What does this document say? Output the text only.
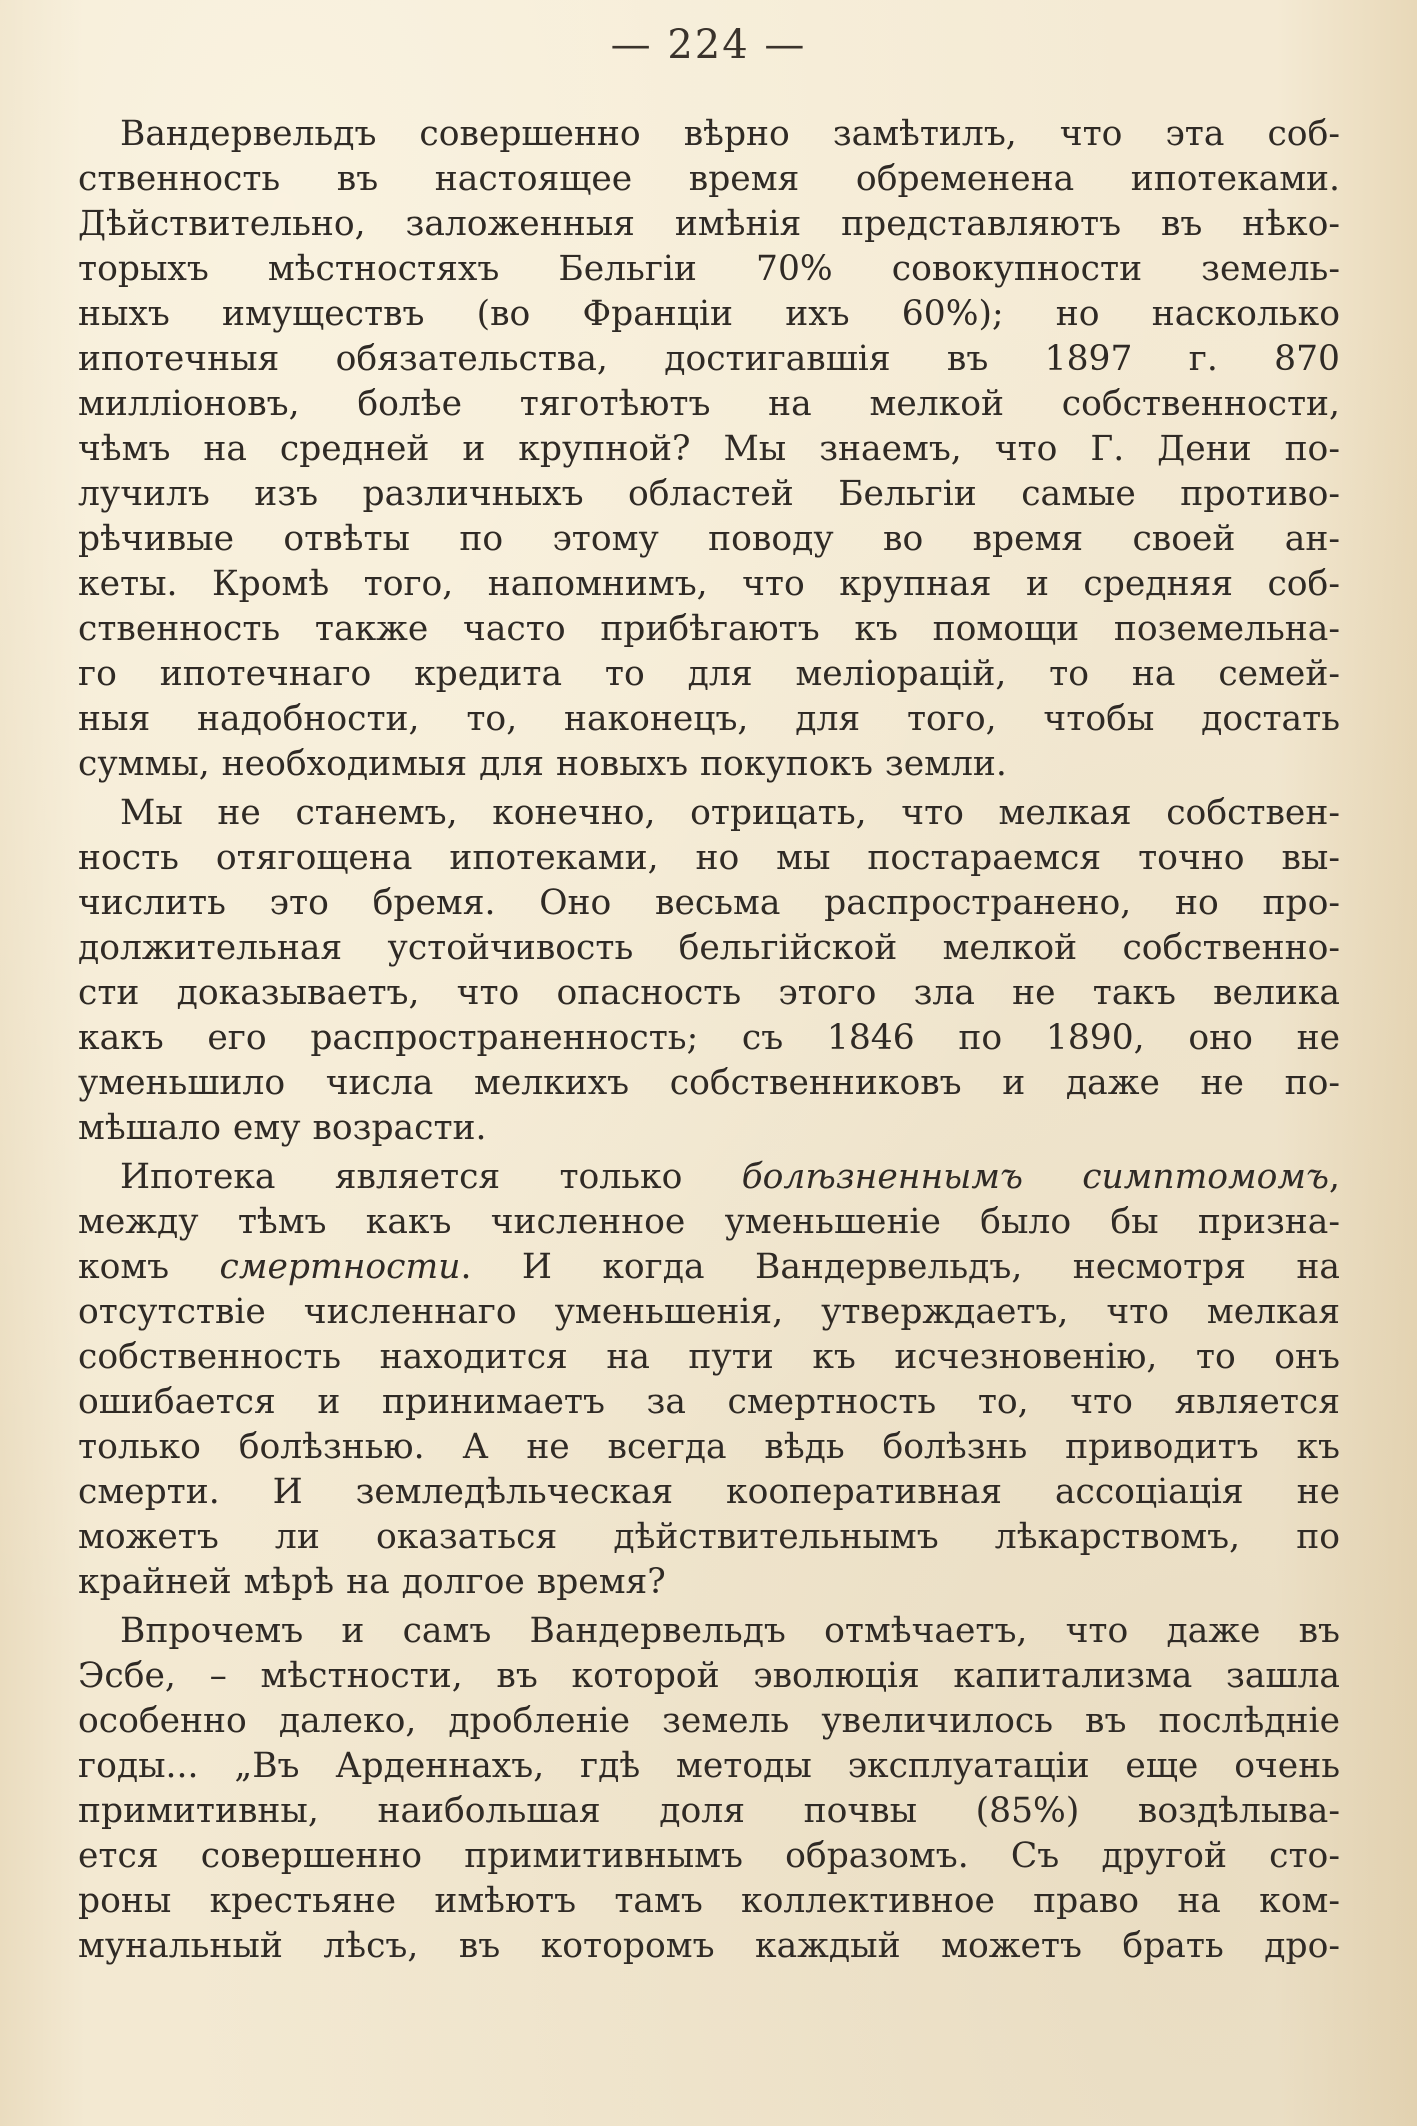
— 224 —
Вандервельдъ совершенно вѣрно замѣтилъ, что эта соб-
ственность въ настоящее время обременена ипотеками.
Дѣйствительно, заложенныя имѣнія представляютъ въ нѣко-
торыхъ мѣстностяхъ Бельгіи 70% совокупности земель-
ныхъ имуществъ (во Франціи ихъ 60%); но насколько
ипотечныя обязательства, достигавшія въ 1897 г. 870
милліоновъ, болѣе тяготѣютъ на мелкой собственности,
чѣмъ на средней и крупной? Мы знаемъ, что Г. Дени по-
лучилъ изъ различныхъ областей Бельгіи самые противо-
рѣчивые отвѣты по этому поводу во время своей ан-
кеты. Кромѣ того, напомнимъ, что крупная и средняя соб-
ственность также часто прибѣгаютъ къ помощи поземельна-
го ипотечнаго кредита то для меліорацій, то на семей-
ныя надобности, то, наконецъ, для того, чтобы достать
суммы, необходимыя для новыхъ покупокъ земли.
Мы не станемъ, конечно, отрицать, что мелкая собствен-
ность отягощена ипотеками, но мы постараемся точно вы-
числить это бремя. Оно весьма распространено, но про-
должительная устойчивость бельгійской мелкой собственно-
сти доказываетъ, что опасность этого зла не такъ велика
какъ его распространенность; съ 1846 по 1890, оно не
уменьшило числа мелкихъ собственниковъ и даже не по-
мѣшало ему возрасти.
Ипотека является только болѣзненнымъ симптомомъ,
между тѣмъ какъ численное уменьшеніе было бы призна-
комъ смертности. И когда Вандервельдъ, несмотря на
отсутствіе численнаго уменьшенія, утверждаетъ, что мелкая
собственность находится на пути къ исчезновенію, то онъ
ошибается и принимаетъ за смертность то, что является
только болѣзнью. А не всегда вѣдь болѣзнь приводитъ къ
смерти. И земледѣльческая кооперативная ассоціація не
можетъ ли оказаться дѣйствительнымъ лѣкарствомъ, по
крайней мѣрѣ на долгое время?
Впрочемъ и самъ Вандервельдъ отмѣчаетъ, что даже въ
Эсбе, – мѣстности, въ которой эволюція капитализма зашла
особенно далеко, дробленіе земель увеличилось въ послѣдніе
годы... „Въ Арденнахъ, гдѣ методы эксплуатаціи еще очень
примитивны, наибольшая доля почвы (85%) воздѣлыва-
ется совершенно примитивнымъ образомъ. Съ другой сто-
роны крестьяне имѣютъ тамъ коллективное право на ком-
мунальный лѣсъ, въ которомъ каждый можетъ брать дро-
